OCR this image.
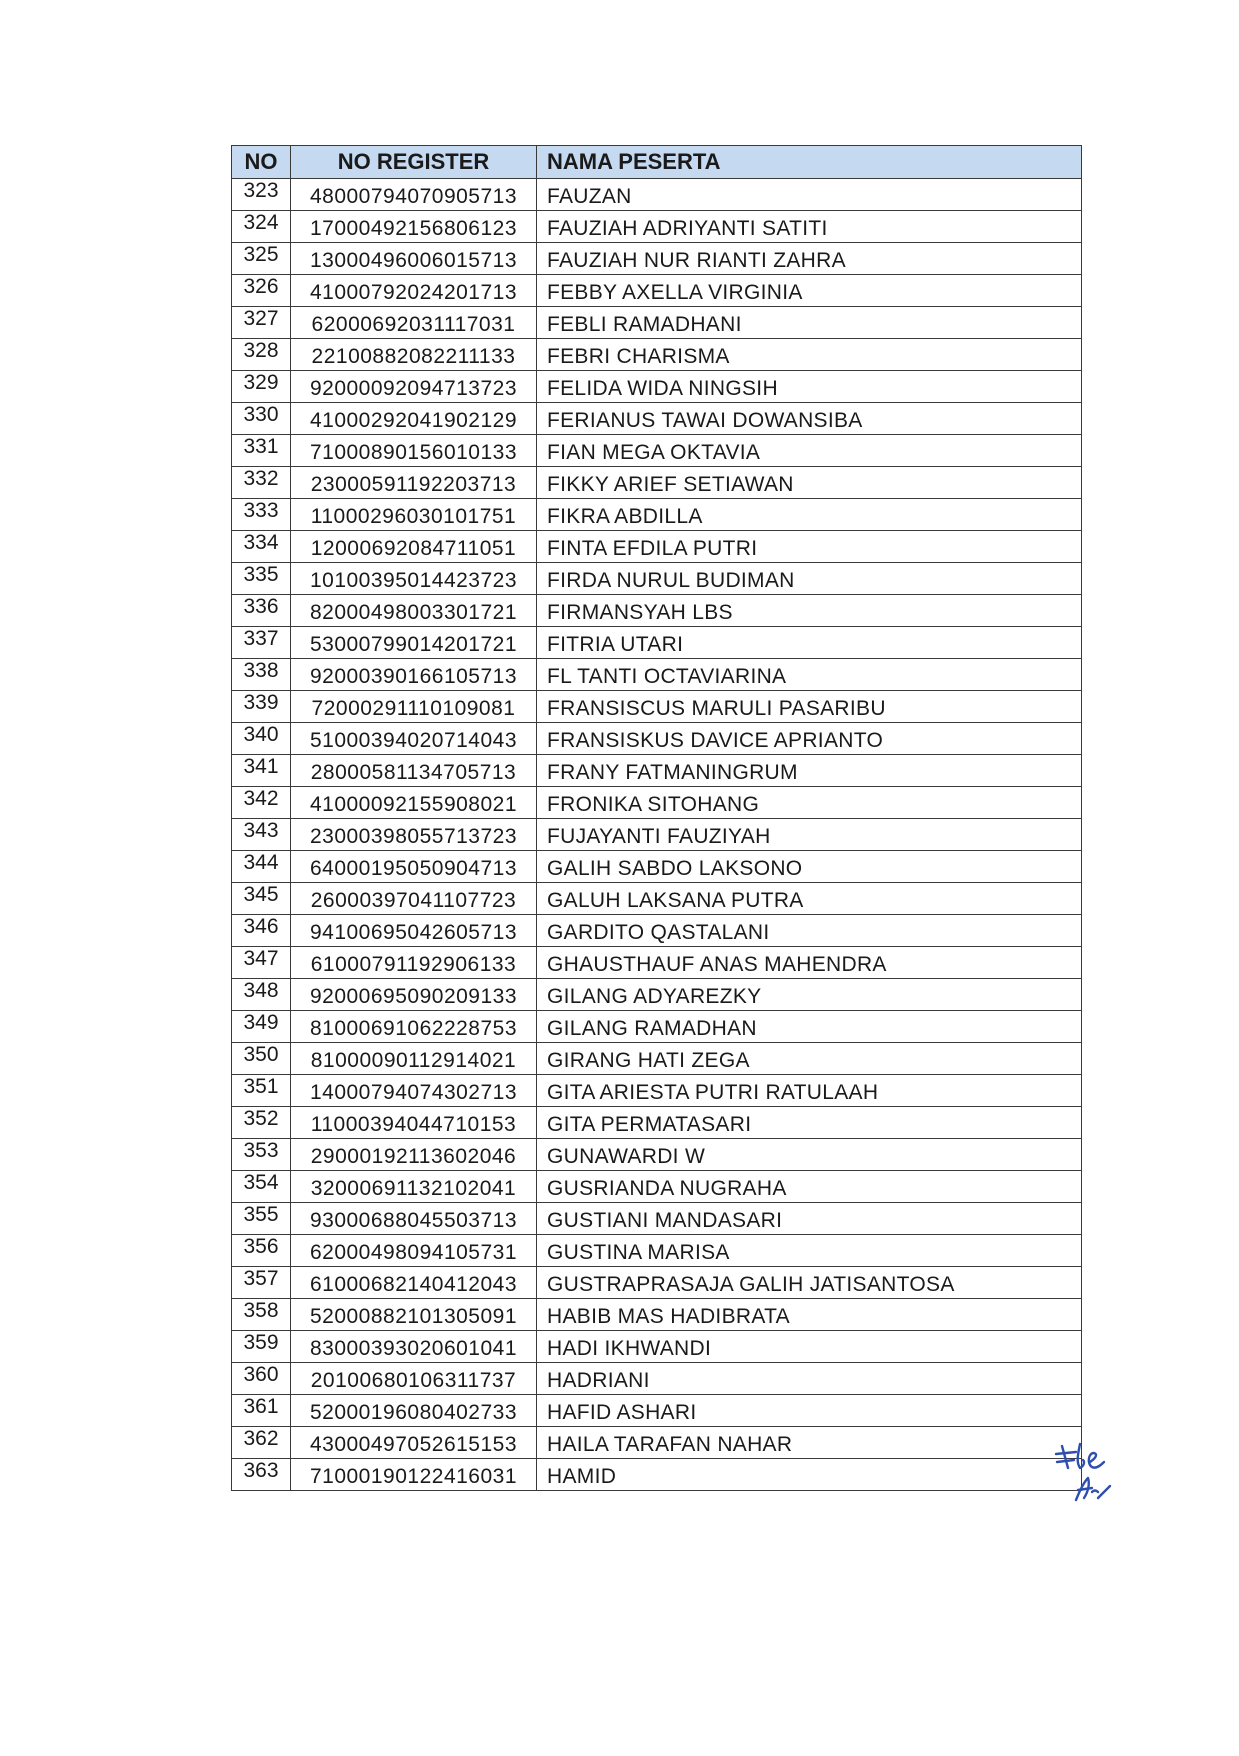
NO	NO REGISTER	NAMA PESERTA
323	48000794070905713	FAUZAN
324	17000492156806123	FAUZIAH ADRIYANTI SATITI
325	13000496006015713	FAUZIAH NUR RIANTI ZAHRA
326	41000792024201713	FEBBY AXELLA VIRGINIA
327	62000692031117031	FEBLI RAMADHANI
328	22100882082211133	FEBRI CHARISMA
329	92000092094713723	FELIDA WIDA NINGSIH
330	41000292041902129	FERIANUS TAWAI DOWANSIBA
331	71000890156010133	FIAN MEGA OKTAVIA
332	23000591192203713	FIKKY ARIEF SETIAWAN
333	11000296030101751	FIKRA ABDILLA
334	12000692084711051	FINTA EFDILA PUTRI
335	10100395014423723	FIRDA NURUL BUDIMAN
336	82000498003301721	FIRMANSYAH LBS
337	53000799014201721	FITRIA UTARI
338	92000390166105713	FL TANTI OCTAVIARINA
339	72000291110109081	FRANSISCUS MARULI PASARIBU
340	51000394020714043	FRANSISKUS DAVICE APRIANTO
341	28000581134705713	FRANY FATMANINGRUM
342	41000092155908021	FRONIKA SITOHANG
343	23000398055713723	FUJAYANTI FAUZIYAH
344	64000195050904713	GALIH SABDO LAKSONO
345	26000397041107723	GALUH LAKSANA PUTRA
346	94100695042605713	GARDITO QASTALANI
347	61000791192906133	GHAUSTHAUF ANAS MAHENDRA
348	92000695090209133	GILANG ADYAREZKY
349	81000691062228753	GILANG RAMADHAN
350	81000090112914021	GIRANG HATI ZEGA
351	14000794074302713	GITA ARIESTA PUTRI RATULAAH
352	11000394044710153	GITA PERMATASARI
353	29000192113602046	GUNAWARDI W
354	32000691132102041	GUSRIANDA NUGRAHA
355	93000688045503713	GUSTIANI MANDASARI
356	62000498094105731	GUSTINA MARISA
357	61000682140412043	GUSTRAPRASAJA GALIH JATISANTOSA
358	52000882101305091	HABIB MAS HADIBRATA
359	83000393020601041	HADI IKHWANDI
360	20100680106311737	HADRIANI
361	52000196080402733	HAFID ASHARI
362	43000497052615153	HAILA TARAFAN NAHAR
363	71000190122416031	HAMID
